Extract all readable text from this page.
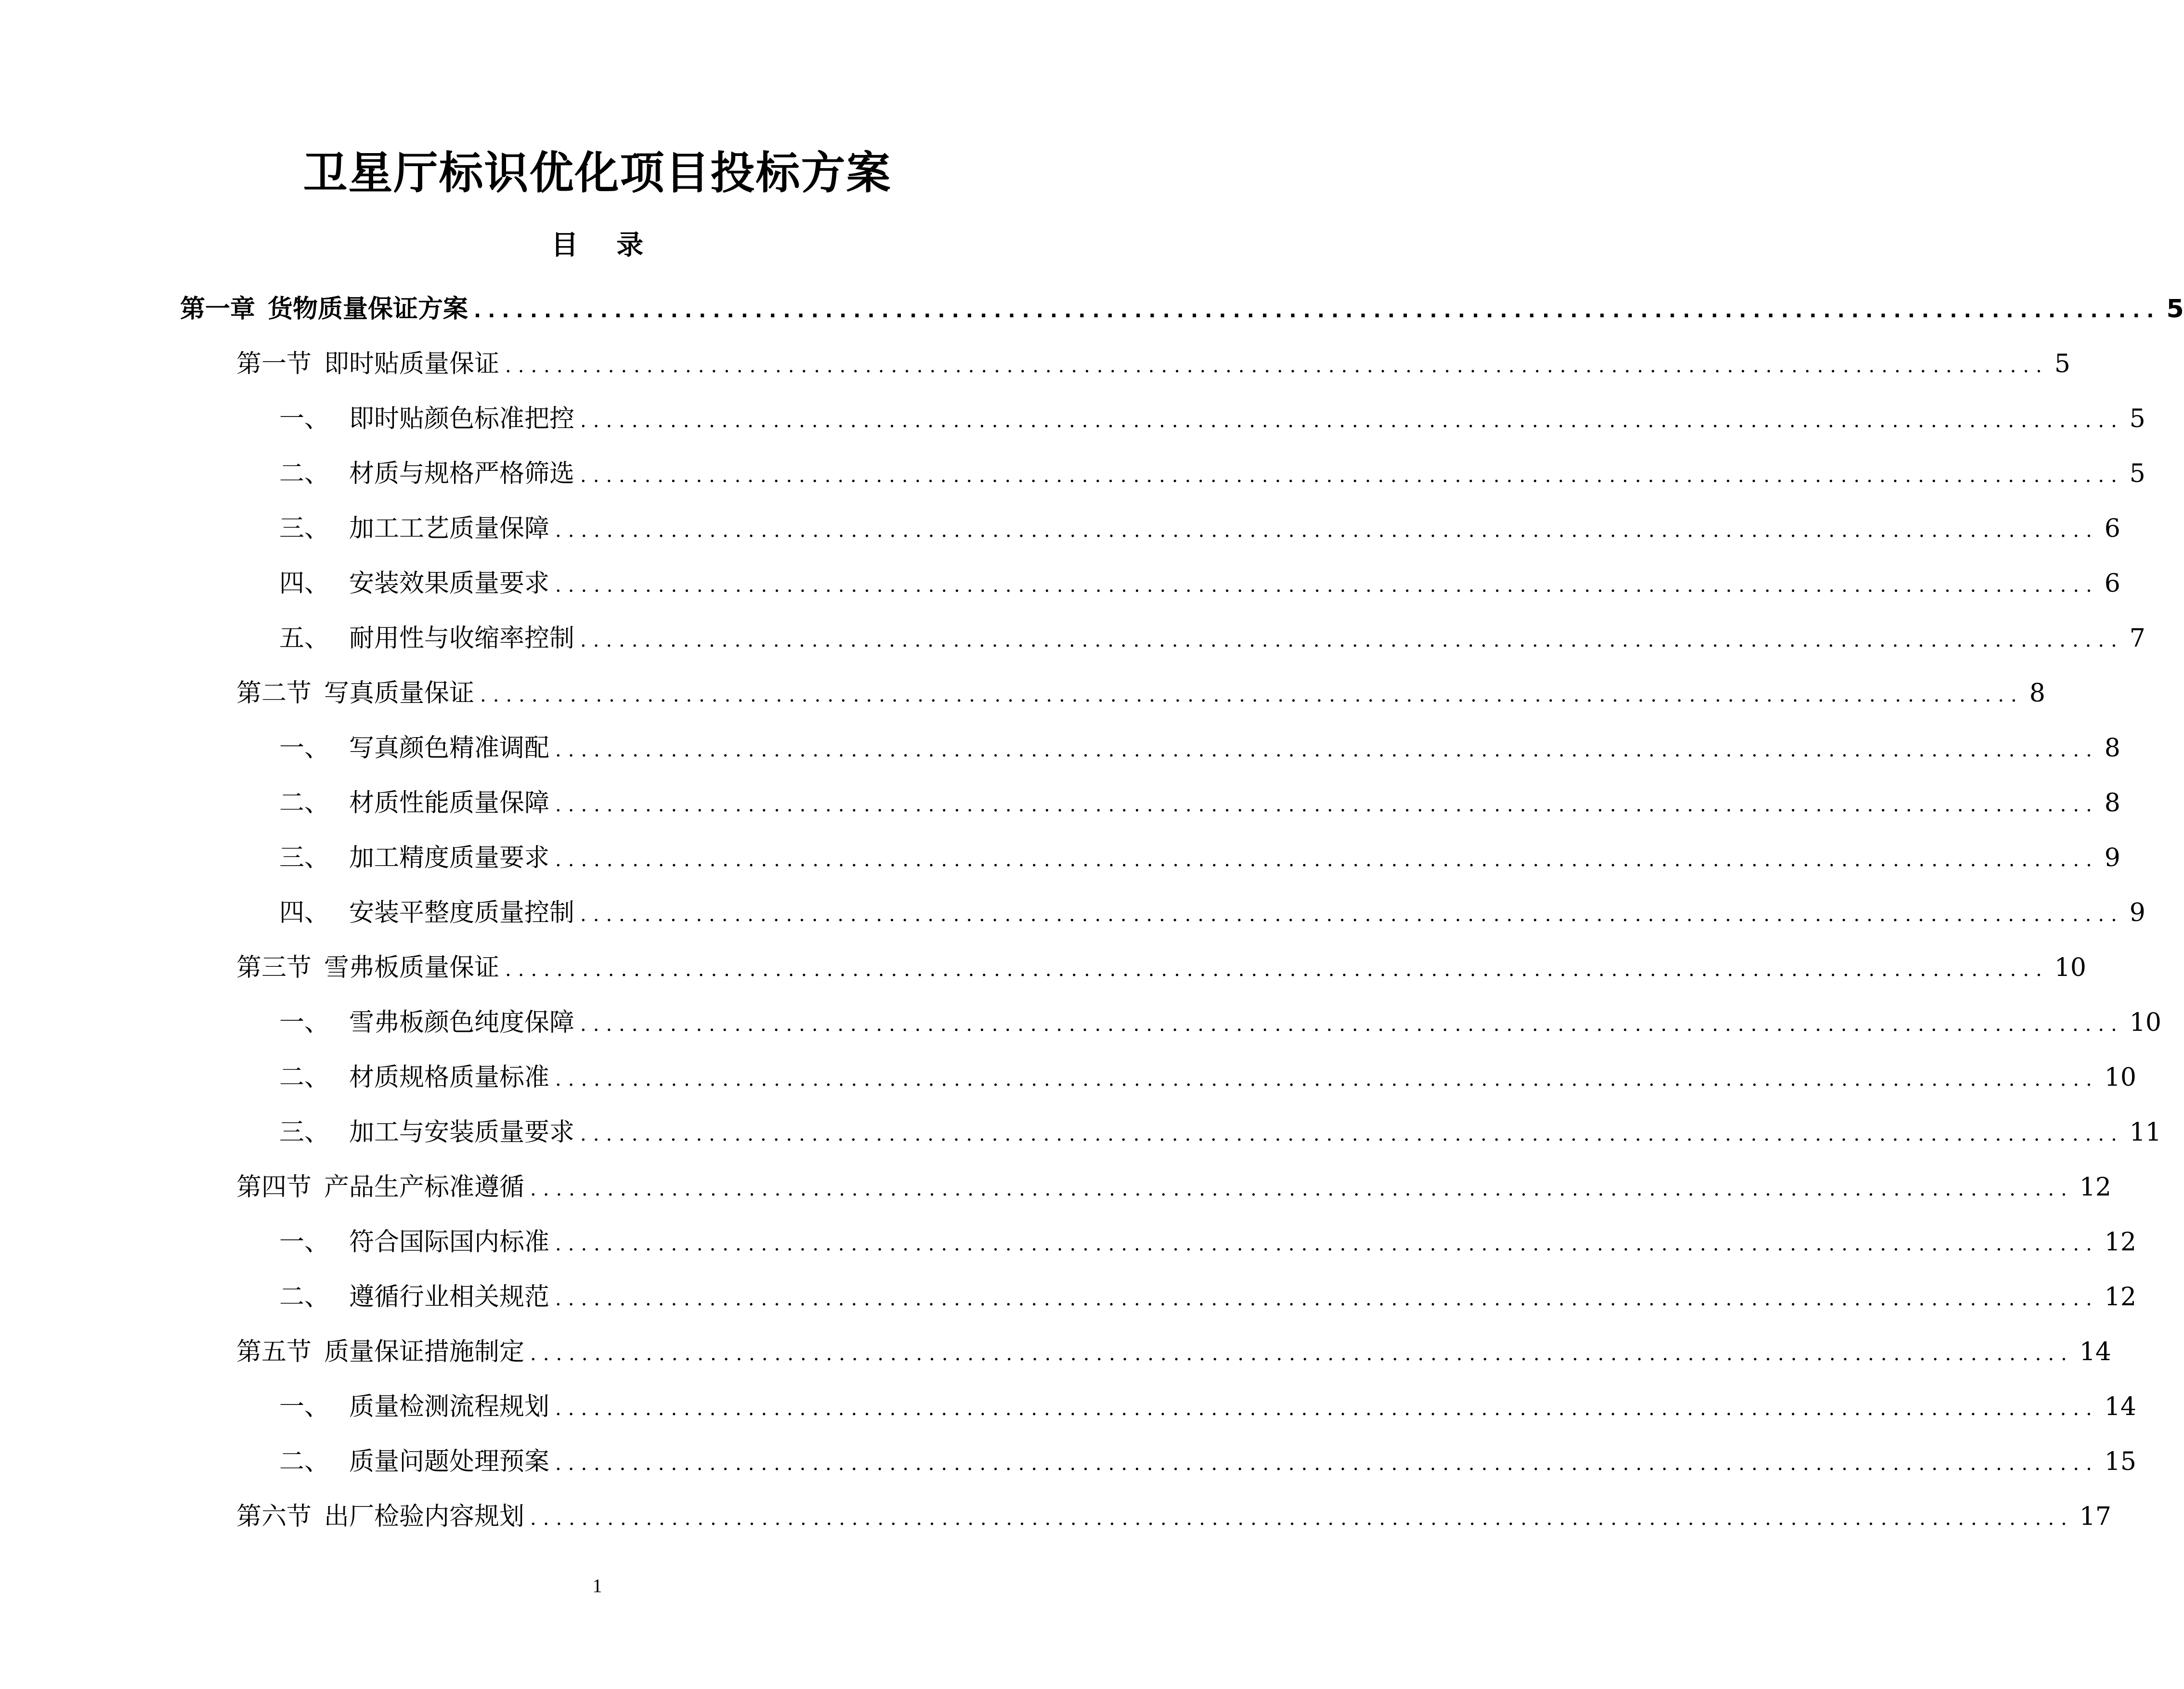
卫星厅标识优化项目投标方案
目 录
第一章 货物质量保证方案 ........................................................................................................................ 5
第一节 即时贴质量保证 ........................................................................................................................ 5
一、 即时贴颜色标准把控 ........................................................................................................................ 5
二、 材质与规格严格筛选 ........................................................................................................................ 5
三、 加工工艺质量保障 ........................................................................................................................ 6
四、 安装效果质量要求 ........................................................................................................................ 6
五、 耐用性与收缩率控制 ........................................................................................................................ 7
第二节 写真质量保证 ........................................................................................................................ 8
一、 写真颜色精准调配 ........................................................................................................................ 8
二、 材质性能质量保障 ........................................................................................................................ 8
三、 加工精度质量要求 ........................................................................................................................ 9
四、 安装平整度质量控制 ........................................................................................................................ 9
第三节 雪弗板质量保证 ........................................................................................................................ 10
一、 雪弗板颜色纯度保障 ........................................................................................................................ 10
二、 材质规格质量标准 ........................................................................................................................ 10
三、 加工与安装质量要求 ........................................................................................................................ 11
第四节 产品生产标准遵循 ........................................................................................................................ 12
一、 符合国际国内标准 ........................................................................................................................ 12
二、 遵循行业相关规范 ........................................................................................................................ 12
第五节 质量保证措施制定 ........................................................................................................................ 14
一、 质量检测流程规划 ........................................................................................................................ 14
二、 质量问题处理预案 ........................................................................................................................ 15
第六节 出厂检验内容规划 ........................................................................................................................ 17
1
